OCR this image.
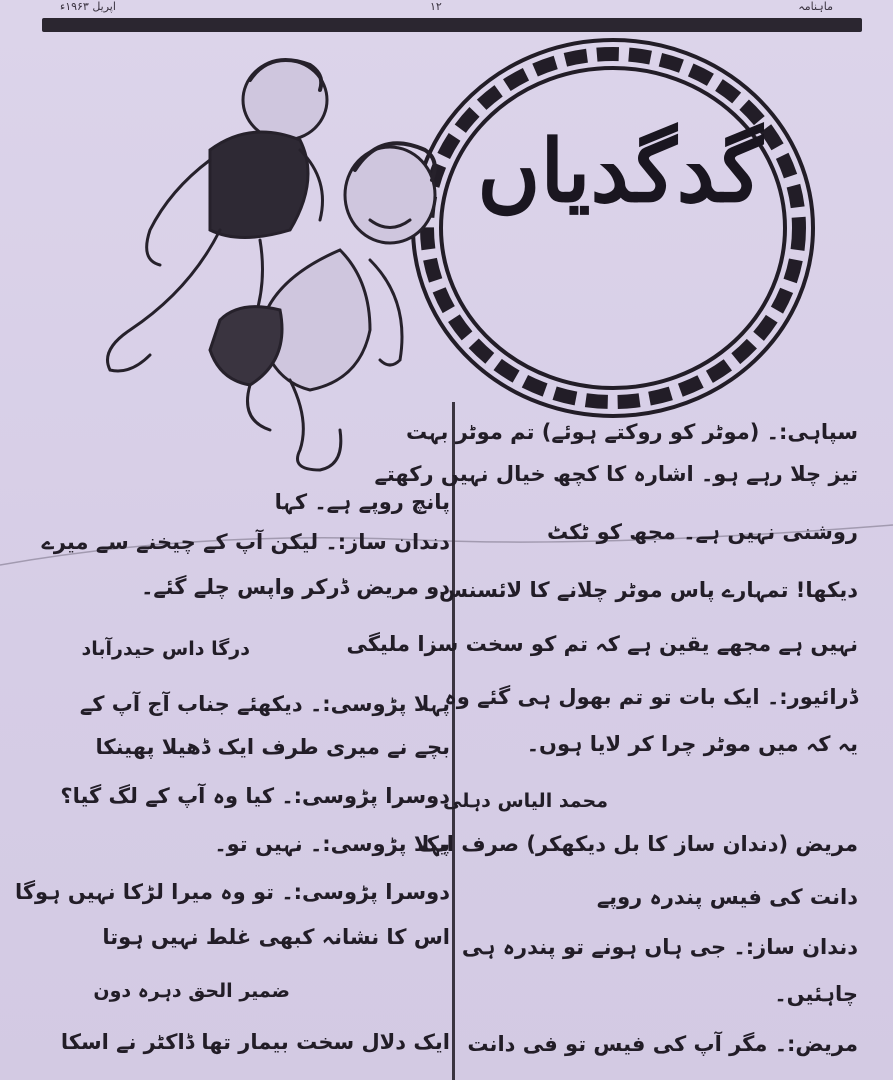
اپریل ۱۹۶۳ء	۱۲	ماہنامہ
گدگدیاں
سپاہی:۔ (موٹر کو روکتے ہوئے) تم موٹر بہت
تیز چلا رہے ہو۔ اشارہ کا کچھ خیال نہیں رکھتے
روشنی نہیں ہے۔ مجھ کو ٹکٹ
دیکھا! تمہارے پاس موٹر چلانے کا لائسنس
نہیں ہے مجھے یقین ہے کہ تم کو سخت سزا ملیگی
ڈرائیور:۔ ایک بات تو تم بھول ہی گئے وہ
یہ کہ میں موٹر چرا کر لایا ہوں۔
محمد الیاس دہلی
مریض (دندان ساز کا بل دیکھکر) صرف ایک
دانت کی فیس پندرہ روپے
دندان ساز:۔ جی ہاں ہونے تو پندرہ ہی
چاہئیں۔
مریض:۔ مگر آپ کی فیس تو فی دانت
پانچ روپے ہے۔ کہا
دندان ساز:۔ لیکن آپ کے چیخنے سے میرے
دو مریض ڈرکر واپس چلے گئے۔
درگا داس حیدرآباد
پہلا پڑوسی:۔ دیکھئے جناب آج آپ کے
بچے نے میری طرف ایک ڈھیلا پھینکا
دوسرا پڑوسی:۔ کیا وہ آپ کے لگ گیا؟
پہلا پڑوسی:۔ نہیں تو۔
دوسرا پڑوسی:۔ تو وہ میرا لڑکا نہیں ہوگا
اس کا نشانہ کبھی غلط نہیں ہوتا
ضمیر الحق دہرہ دون
ایک دلال سخت بیمار تھا ڈاکٹر نے اسکا
